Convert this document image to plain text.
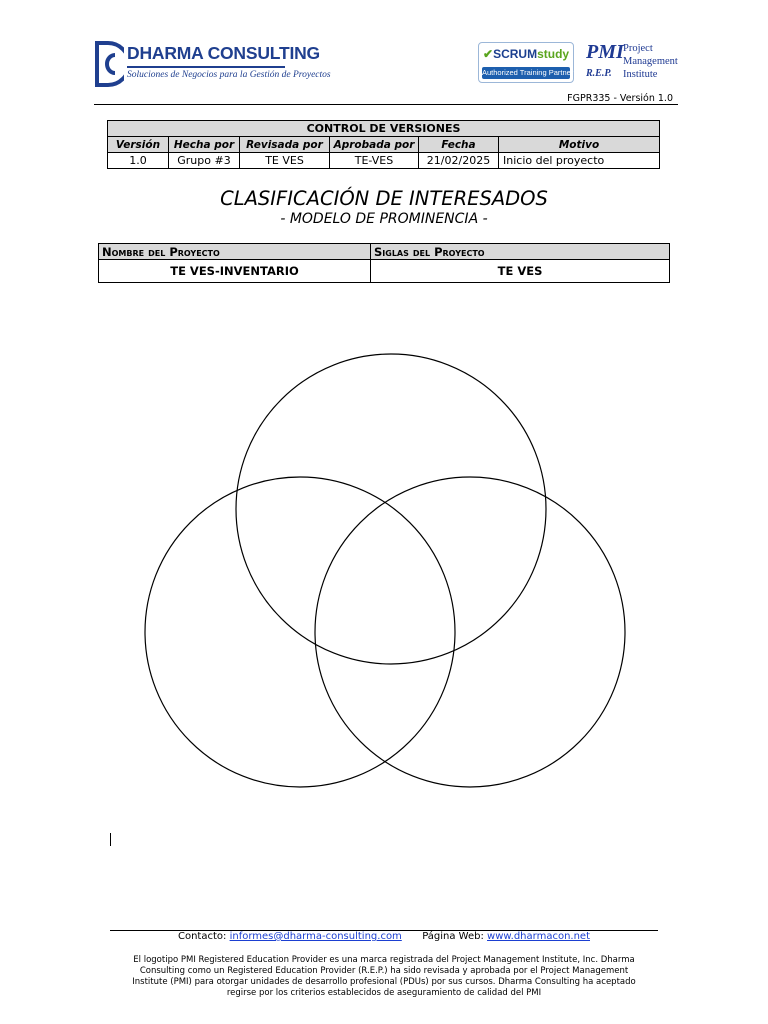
DHARMA CONSULTING
Soluciones de Negocios para la Gestión de Proyectos
✔SCRUMstudy
Authorized Training Partner
PMI
R.E.P.
Project
Management
Institute
FGPR335 - Versión 1.0
CONTROL DE VERSIONES					
Versión	Hecha por	Revisada por	Aprobada por	Fecha	Motivo
1.0	Grupo #3	TE VES	TE-VES	21/02/2025	Inicio del proyecto
CLASIFICACIÓN DE INTERESADOS
- MODELO DE PROMINENCIA -
Nombre del Proyecto	Siglas del Proyecto
TE VES-INVENTARIO	TE VES
Contacto: informes@dharma-consulting.com Página Web: www.dharmacon.net
El logotipo PMI Registered Education Provider es una marca registrada del Project Management Institute, Inc. Dharma Consulting como un Registered Education Provider (R.E.P.) ha sido revisada y aprobada por el Project Management Institute (PMI) para otorgar unidades de desarrollo profesional (PDUs) por sus cursos. Dharma Consulting ha aceptado regirse por los criterios establecidos de aseguramiento de calidad del PMI
